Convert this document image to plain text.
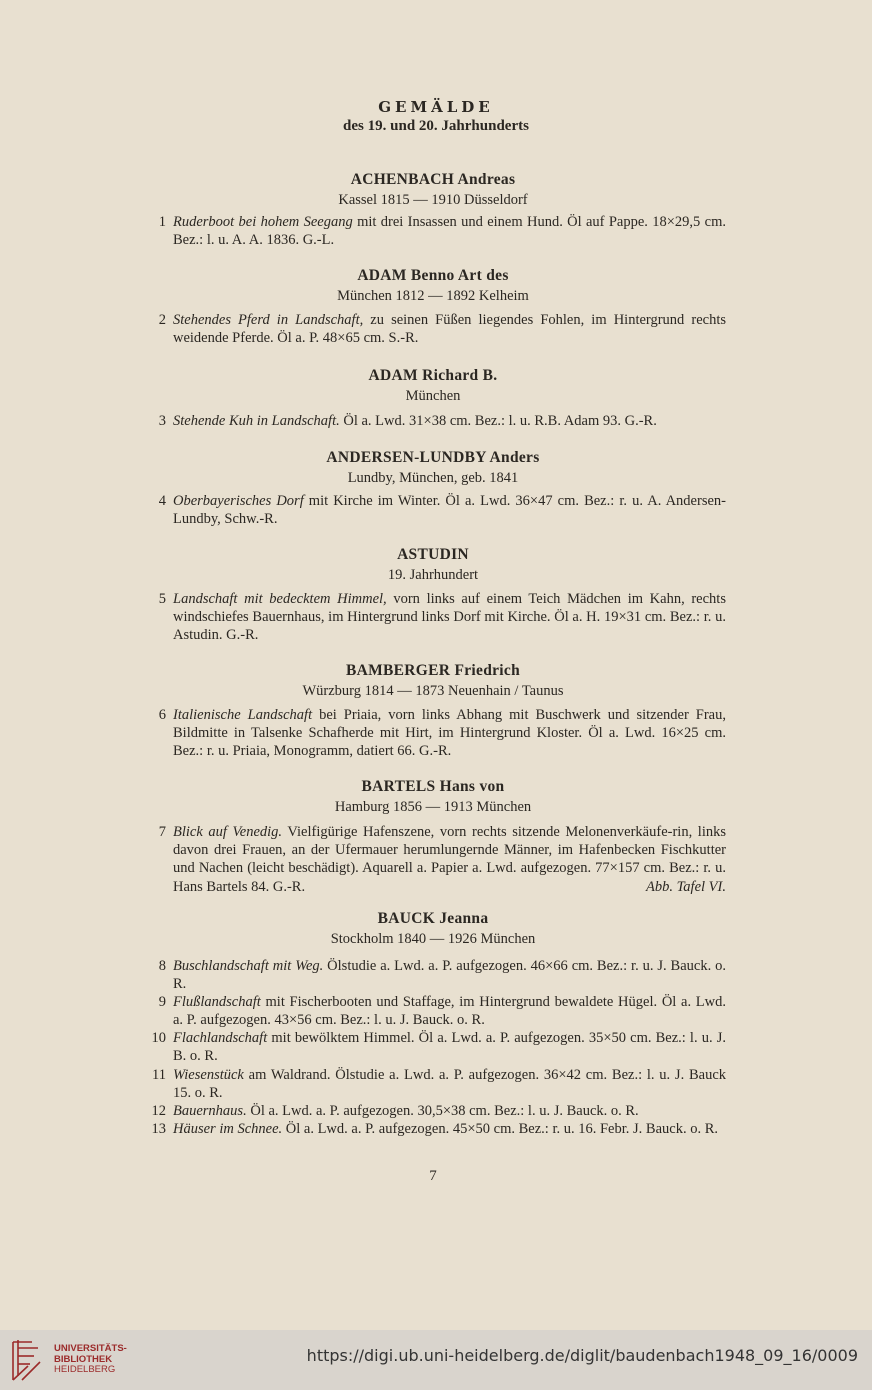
GEMÄLDE
des 19. und 20. Jahrhunderts
ACHENBACH Andreas
Kassel 1815 — 1910 Düsseldorf
1 Ruderboot bei hohem Seegang mit drei Insassen und einem Hund. Öl auf Pappe. 18×29,5 cm. Bez.: l. u. A. A. 1836. G.-L.
ADAM Benno Art des
München 1812 — 1892 Kelheim
2 Stehendes Pferd in Landschaft, zu seinen Füßen liegendes Fohlen, im Hintergrund rechts weidende Pferde. Öl a. P. 48×65 cm. S.-R.
ADAM Richard B.
München
3 Stehende Kuh in Landschaft. Öl a. Lwd. 31×38 cm. Bez.: l. u. R.B. Adam 93. G.-R.
ANDERSEN-LUNDBY Anders
Lundby, München, geb. 1841
4 Oberbayerisches Dorf mit Kirche im Winter. Öl a. Lwd. 36×47 cm. Bez.: r. u. A. Andersen-Lundby, Schw.-R.
ASTUDIN
19. Jahrhundert
5 Landschaft mit bedecktem Himmel, vorn links auf einem Teich Mädchen im Kahn, rechts windschiefes Bauernhaus, im Hintergrund links Dorf mit Kirche. Öl a. H. 19×31 cm. Bez.: r. u. Astudin. G.-R.
BAMBERGER Friedrich
Würzburg 1814 — 1873 Neuenhain / Taunus
6 Italienische Landschaft bei Priaia, vorn links Abhang mit Buschwerk und sitzender Frau, Bildmitte in Talsenke Schafherde mit Hirt, im Hintergrund Kloster. Öl a. Lwd. 16×25 cm. Bez.: r. u. Priaia, Monogramm, datiert 66. G.-R.
BARTELS Hans von
Hamburg 1856 — 1913 München
7 Blick auf Venedig. Vielfigürige Hafenszene, vorn rechts sitzende Melonenverkäufe-rin, links davon drei Frauen, an der Ufermauer herumlungernde Männer, im Hafenbecken Fischkutter und Nachen (leicht beschädigt). Aquarell a. Papier a. Lwd. aufgezogen. 77×157 cm. Bez.: r. u. Hans Bartels 84. G.-R.	Abb. Tafel VI.
BAUCK Jeanna
Stockholm 1840 — 1926 München
8 Buschlandschaft mit Weg. Ölstudie a. Lwd. a. P. aufgezogen. 46×66 cm. Bez.: r. u. J. Bauck. o. R.
9 Flußlandschaft mit Fischerbooten und Staffage, im Hintergrund bewaldete Hügel. Öl a. Lwd. a. P. aufgezogen. 43×56 cm. Bez.: l. u. J. Bauck. o. R.
10 Flachlandschaft mit bewölktem Himmel. Öl a. Lwd. a. P. aufgezogen. 35×50 cm. Bez.: l. u. J. B. o. R.
11 Wiesenstück am Waldrand. Ölstudie a. Lwd. a. P. aufgezogen. 36×42 cm. Bez.: l. u. J. Bauck 15. o. R.
12 Bauernhaus. Öl a. Lwd. a. P. aufgezogen. 30,5×38 cm. Bez.: l. u. J. Bauck. o. R.
13 Häuser im Schnee. Öl a. Lwd. a. P. aufgezogen. 45×50 cm. Bez.: r. u. 16. Febr. J. Bauck. o. R.
7
UNIVERSITÄTS-
BIBLIOTHEK
HEIDELBERG
https://digi.ub.uni-heidelberg.de/diglit/baudenbach1948_09_16/0009
